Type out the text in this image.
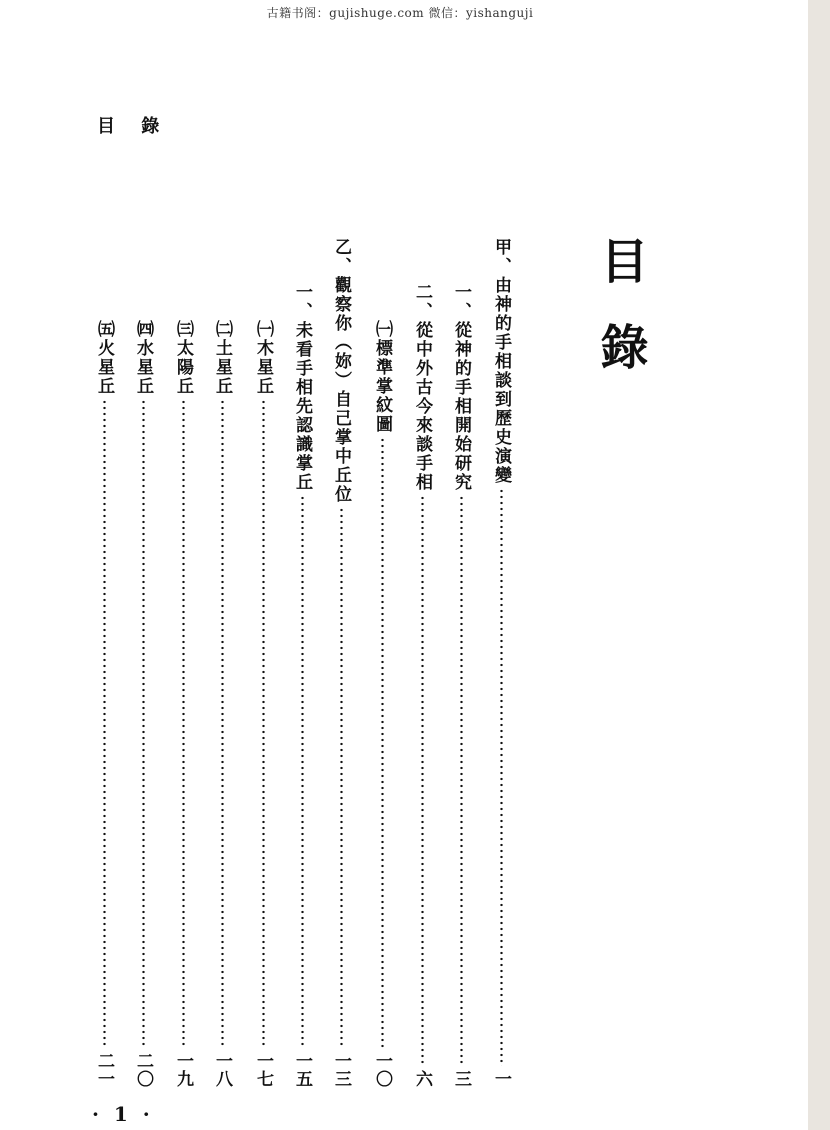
古籍书阁：gujishuge.com 微信：yishanguji
目 錄
目錄
甲、由神的手相談到歷史演變
一
一、從神的手相開始研究
三
二、從中外古今來談手相
六
㈠標準掌紋圖
一〇
乙、觀察你（妳）自己掌中丘位
一三
一、未看手相先認識掌丘
一五
㈠木星丘
一七
㈡土星丘
一八
㈢太陽丘
一九
㈣水星丘
二〇
㈤火星丘
二一
· 1 ·
